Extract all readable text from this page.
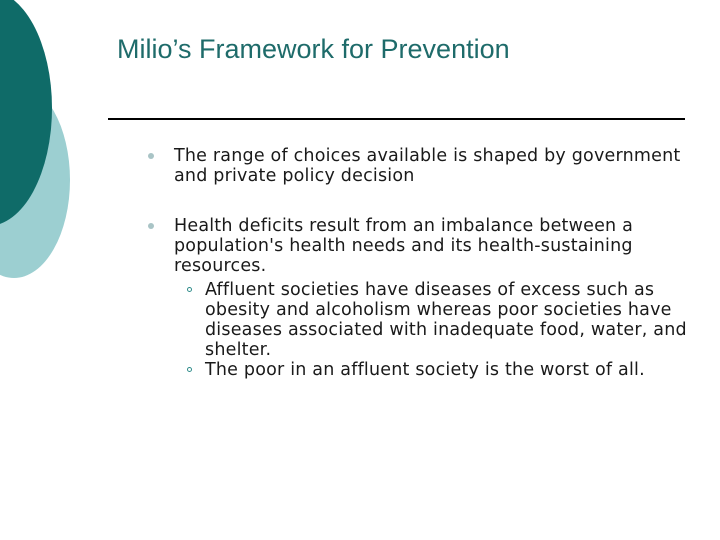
Milio’s Framework for Prevention
The range of choices available is shaped by government and private policy decision
Health deficits result from an imbalance between a population's health needs and its health-sustaining resources.
Affluent societies have diseases of excess such as obesity and alcoholism whereas poor societies have diseases associated with inadequate food, water, and shelter.
The poor in an affluent society is the worst of all.
